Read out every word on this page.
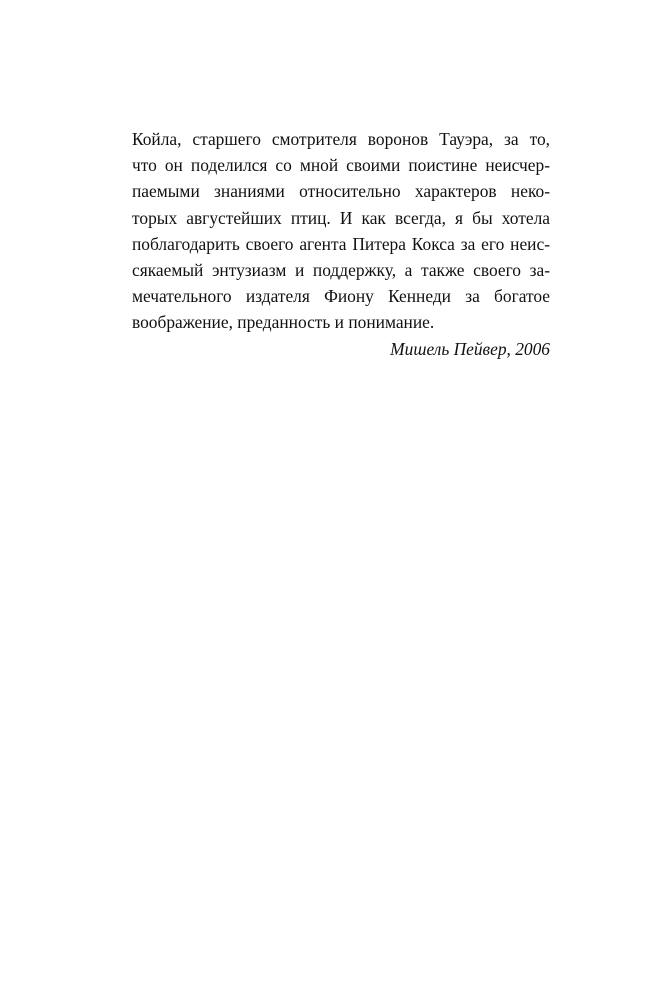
Койла, старшего смотрителя воронов Тауэра, за то,
что он поделился со мной своими поистине неисчер-
паемыми знаниями относительно характеров неко-
торых августейших птиц. И как всегда, я бы хотела
поблагодарить своего агента Питера Кокса за его неис-
сякаемый энтузиазм и поддержку, а также своего за-
мечательного издателя Фиону Кеннеди за богатое
воображение, преданность и понимание.
Мишель Пейвер, 2006
